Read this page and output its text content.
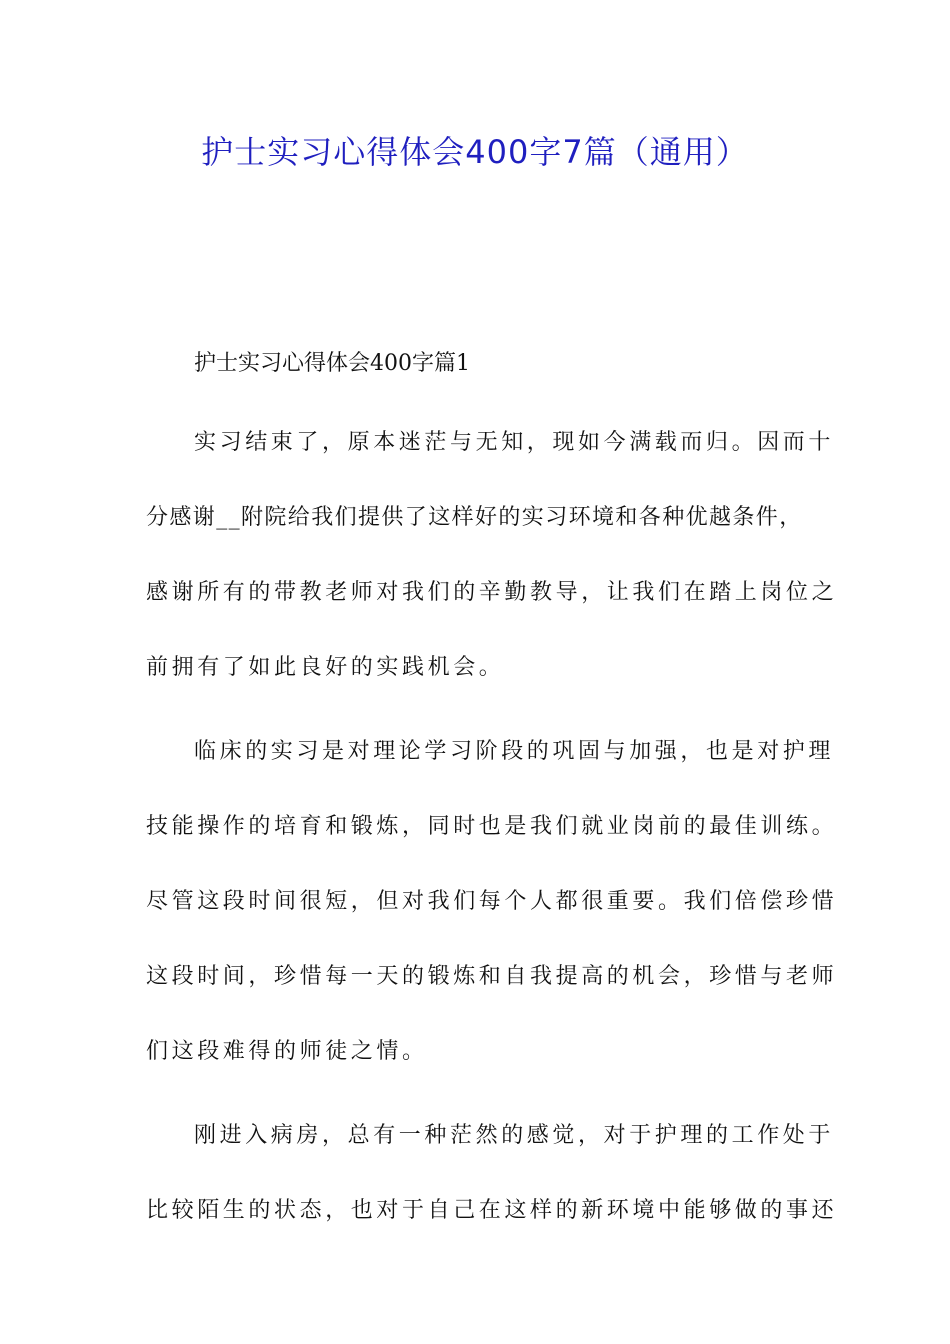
护士实习心得体会400字7篇（通用）
护士实习心得体会400字篇1
实习结束了，原本迷茫与无知，现如今满载而归。因而十
分感谢__附院给我们提供了这样好的实习环境和各种优越条件，
感谢所有的带教老师对我们的辛勤教导，让我们在踏上岗位之
前拥有了如此良好的实践机会。
临床的实习是对理论学习阶段的巩固与加强，也是对护理
技能操作的培育和锻炼，同时也是我们就业岗前的最佳训练。
尽管这段时间很短，但对我们每个人都很重要。我们倍偿珍惜
这段时间，珍惜每一天的锻炼和自我提高的机会，珍惜与老师
们这段难得的师徒之情。
刚进入病房，总有一种茫然的感觉，对于护理的工作处于
比较陌生的状态，也对于自己在这样的新环境中能够做的事还
